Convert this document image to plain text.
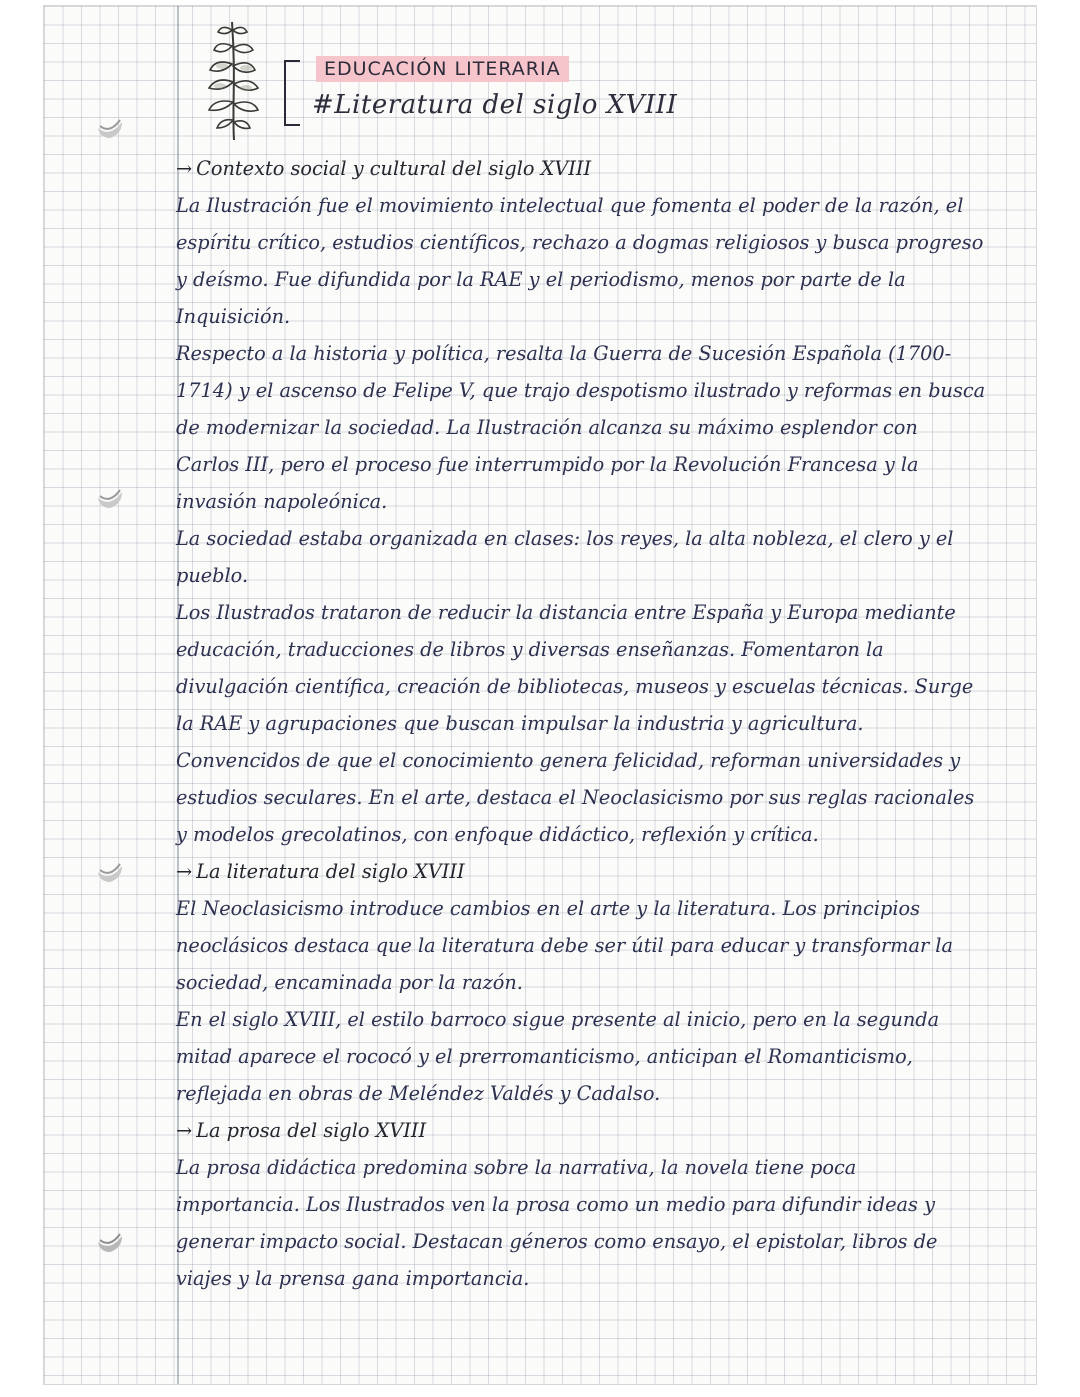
EDUCACIÓN LITERARIA
#Literatura del siglo XVIII

→ Contexto social y cultural del siglo XVIII

La Ilustración fue el movimiento intelectual que fomenta el poder de la razón, el espíritu crítico, estudios científicos, rechazo a dogmas religiosos y busca progreso y deísmo. Fue difundida por la RAE y el periodismo, menos por parte de la Inquisición.

Respecto a la historia y política, resalta la Guerra de Sucesión Española (1700-1714) y el ascenso de Felipe V, que trajo despotismo ilustrado y reformas en busca de modernizar la sociedad. La Ilustración alcanza su máximo esplendor con Carlos III, pero el proceso fue interrumpido por la Revolución Francesa y la invasión napoleónica.

La sociedad estaba organizada en clases: los reyes, la alta nobleza, el clero y el pueblo.

Los Ilustrados trataron de reducir la distancia entre España y Europa mediante educación, traducciones de libros y diversas enseñanzas. Fomentaron la divulgación científica, creación de bibliotecas, museos y escuelas técnicas. Surge la RAE y agrupaciones que buscan impulsar la industria y agricultura. Convencidos de que el conocimiento genera felicidad, reforman universidades y estudios seculares. En el arte, destaca el Neoclasicismo por sus reglas racionales y modelos grecolatinos, con enfoque didáctico, reflexión y crítica.

→ La literatura del siglo XVIII

El Neoclasicismo introduce cambios en el arte y la literatura. Los principios neoclásicos destaca que la literatura debe ser útil para educar y transformar la sociedad, encaminada por la razón.

En el siglo XVIII, el estilo barroco sigue presente al inicio, pero en la segunda mitad aparece el rococó y el prerromanticismo, anticipan el Romanticismo, reflejada en obras de Meléndez Valdés y Cadalso.

→ La prosa del siglo XVIII

La prosa didáctica predomina sobre la narrativa, la novela tiene poca importancia. Los Ilustrados ven la prosa como un medio para difundir ideas y generar impacto social. Destacan géneros como ensayo, el epistolar, libros de viajes y la prensa gana importancia.
